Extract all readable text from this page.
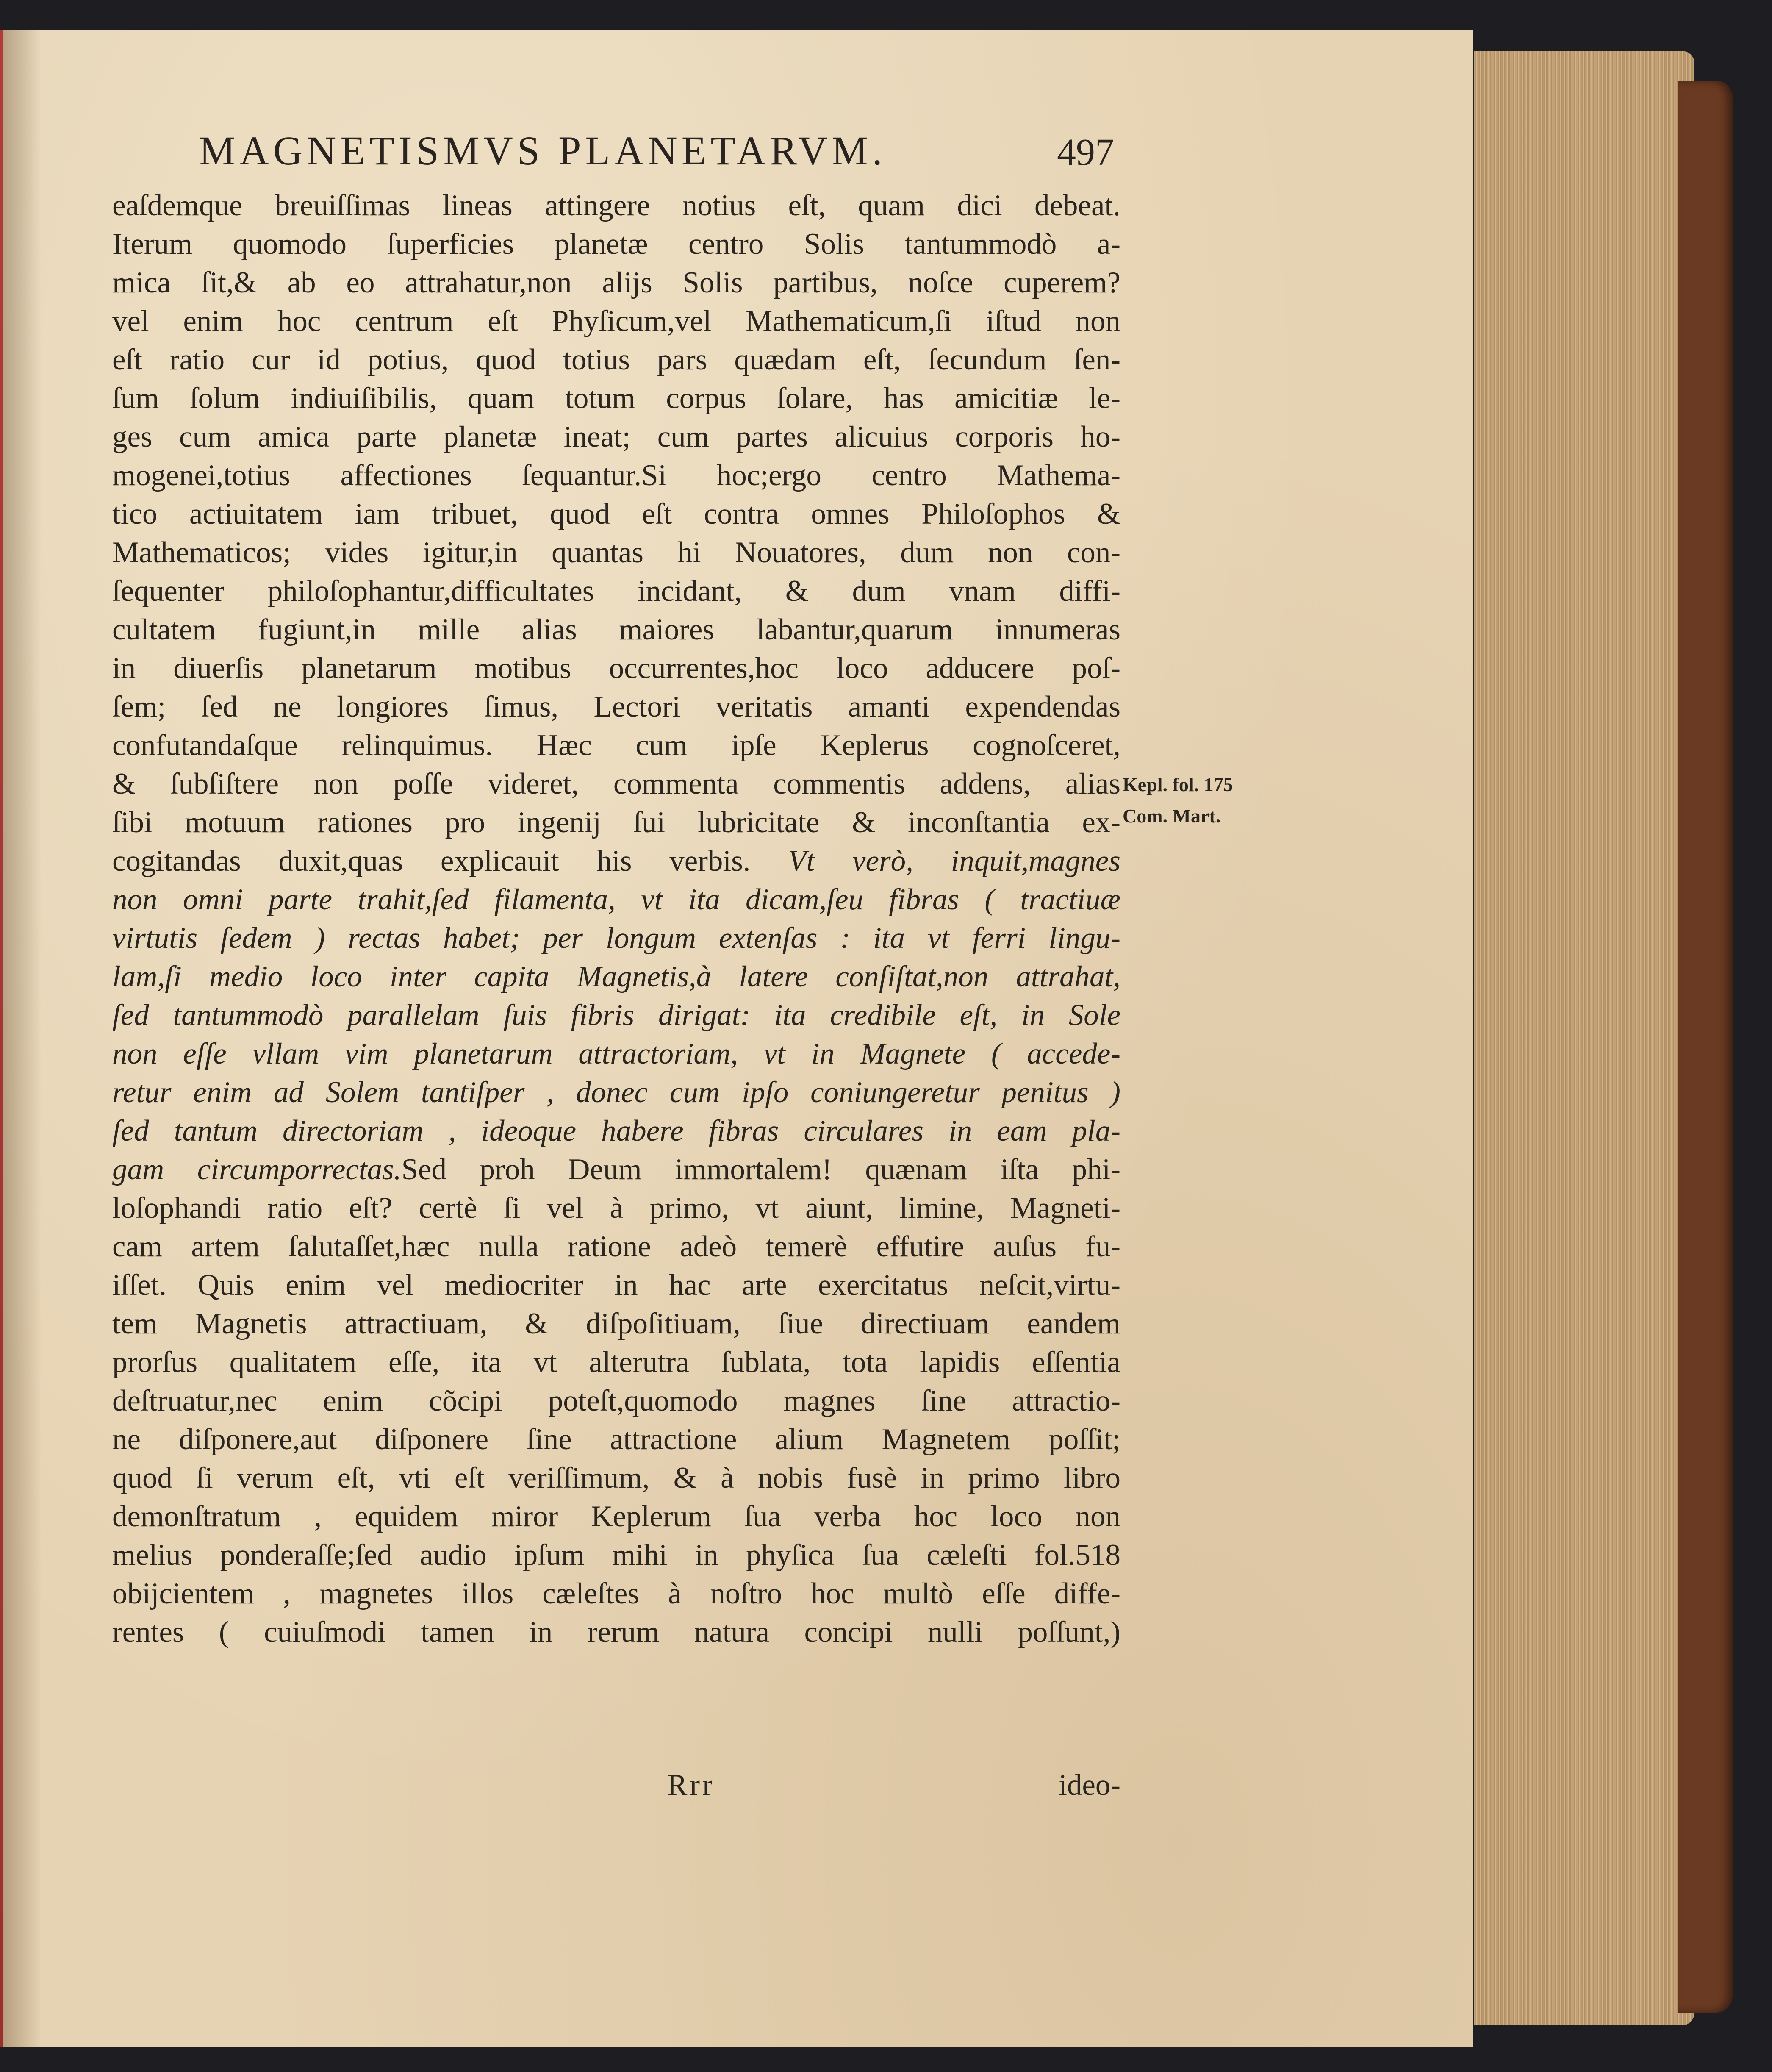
MAGNETISMVS PLANETARVM.	497
eaſdemque breuiſſimas lineas attingere notius eſt, quam dici debeat.
Iterum quomodo ſuperficies planetæ centro Solis tantummodò a-
mica ſit,& ab eo attrahatur,non alijs Solis partibus, noſce cuperem?
vel enim hoc centrum eſt Phyſicum,vel Mathematicum,ſi iſtud non
eſt ratio cur id potius, quod totius pars quædam eſt, ſecundum ſen-
ſum ſolum indiuiſibilis, quam totum corpus ſolare, has amicitiæ le-
ges cum amica parte planetæ ineat; cum partes alicuius corporis ho-
mogenei,totius affectiones ſequantur.Si hoc;ergo centro Mathema-
tico actiuitatem iam tribuet, quod eſt contra omnes Philoſophos &
Mathematicos; vides igitur,in quantas hi Nouatores, dum non con-
ſequenter philoſophantur,difficultates incidant, & dum vnam diffi-
cultatem fugiunt,in mille alias maiores labantur,quarum innumeras
in diuerſis planetarum motibus occurrentes,hoc loco adducere poſ-
ſem; ſed ne longiores ſimus, Lectori veritatis amanti expendendas
confutandaſque relinquimus. Hæc cum ipſe Keplerus cognoſceret,
& ſubſiſtere non poſſe videret, commenta commentis addens, alias
ſibi motuum rationes pro ingenij ſui lubricitate & inconſtantia ex-
cogitandas duxit,quas explicauit his verbis. Vt verò, inquit,magnes
non omni parte trahit,ſed filamenta, vt ita dicam,ſeu fibras ( tractiuæ
virtutis ſedem ) rectas habet; per longum extenſas : ita vt ferri lingu-
lam,ſi medio loco inter capita Magnetis,à latere conſiſtat,non attrahat,
ſed tantummodò parallelam ſuis fibris dirigat: ita credibile eſt, in Sole
non eſſe vllam vim planetarum attractoriam, vt in Magnete ( accede-
retur enim ad Solem tantiſper , donec cum ipſo coniungeretur penitus )
ſed tantum directoriam , ideoque habere fibras circulares in eam pla-
gam circumporrectas.Sed proh Deum immortalem! quænam iſta phi-
loſophandi ratio eſt? certè ſi vel à primo, vt aiunt, limine, Magneti-
cam artem ſalutaſſet,hæc nulla ratione adeò temerè effutire auſus fu-
iſſet. Quis enim vel mediocriter in hac arte exercitatus neſcit,virtu-
tem Magnetis attractiuam, & diſpoſitiuam, ſiue directiuam eandem
prorſus qualitatem eſſe, ita vt alterutra ſublata, tota lapidis eſſentia
deſtruatur,nec enim cõcipi poteſt,quomodo magnes ſine attractio-
ne diſponere,aut diſponere ſine attractione alium Magnetem poſſit;
quod ſi verum eſt, vti eſt veriſſimum, & à nobis fusè in primo libro
demonſtratum , equidem miror Keplerum ſua verba hoc loco non
melius ponderaſſe;ſed audio ipſum mihi in phyſica ſua cæleſti fol.518
obijcientem , magnetes illos cæleſtes à noſtro hoc multò eſſe diffe-
rentes ( cuiuſmodi tamen in rerum natura concipi nulli poſſunt,)
Kepl. fol. 175
Com. Mart.
Rrr	ideo-
